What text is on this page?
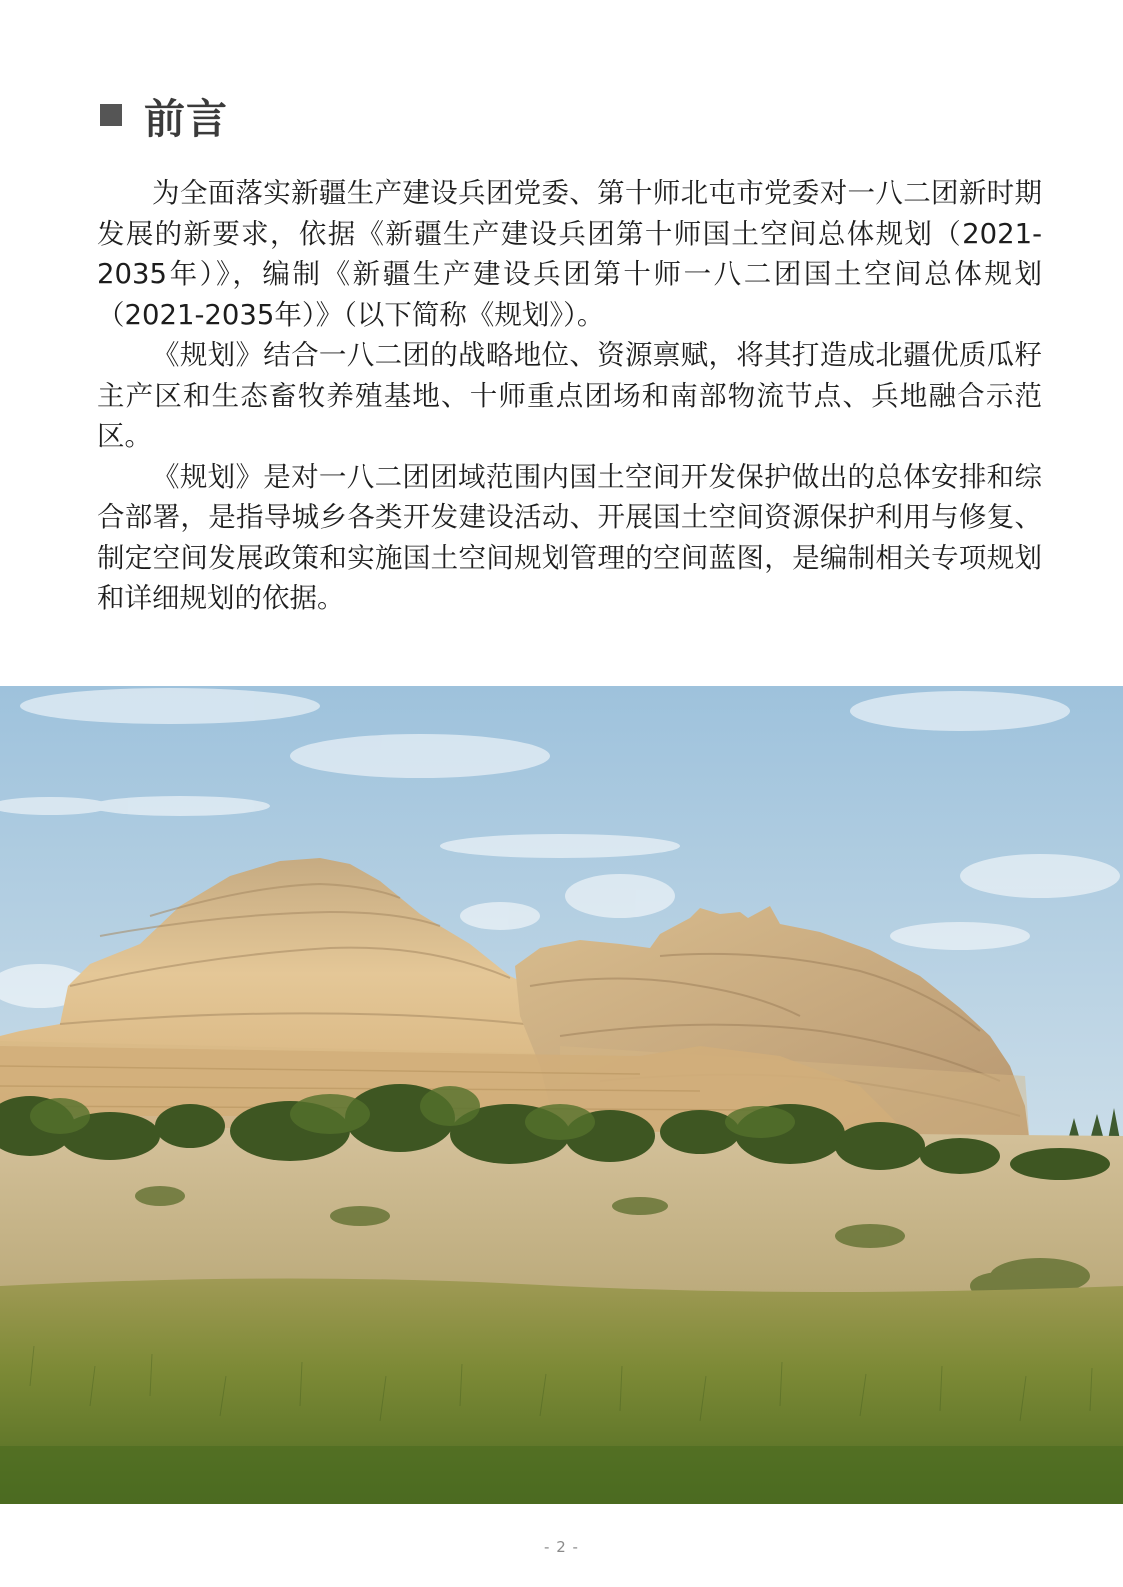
前言

为全面落实新疆生产建设兵团党委、第十师北屯市党委对一八二团新时期发展的新要求，依据《新疆生产建设兵团第十师国土空间总体规划（2021-2035年）》，编制《新疆生产建设兵团第十师一八二团国土空间总体规划（2021-2035年）》（以下简称《规划》）。

《规划》结合一八二团的战略地位、资源禀赋，将其打造成北疆优质瓜籽主产区和生态畜牧养殖基地、十师重点团场和南部物流节点、兵地融合示范区。

《规划》是对一八二团团域范围内国土空间开发保护做出的总体安排和综合部署，是指导城乡各类开发建设活动、开展国土空间资源保护利用与修复、制定空间发展政策和实施国土空间规划管理的空间蓝图，是编制相关专项规划和详细规划的依据。

- 2 -
